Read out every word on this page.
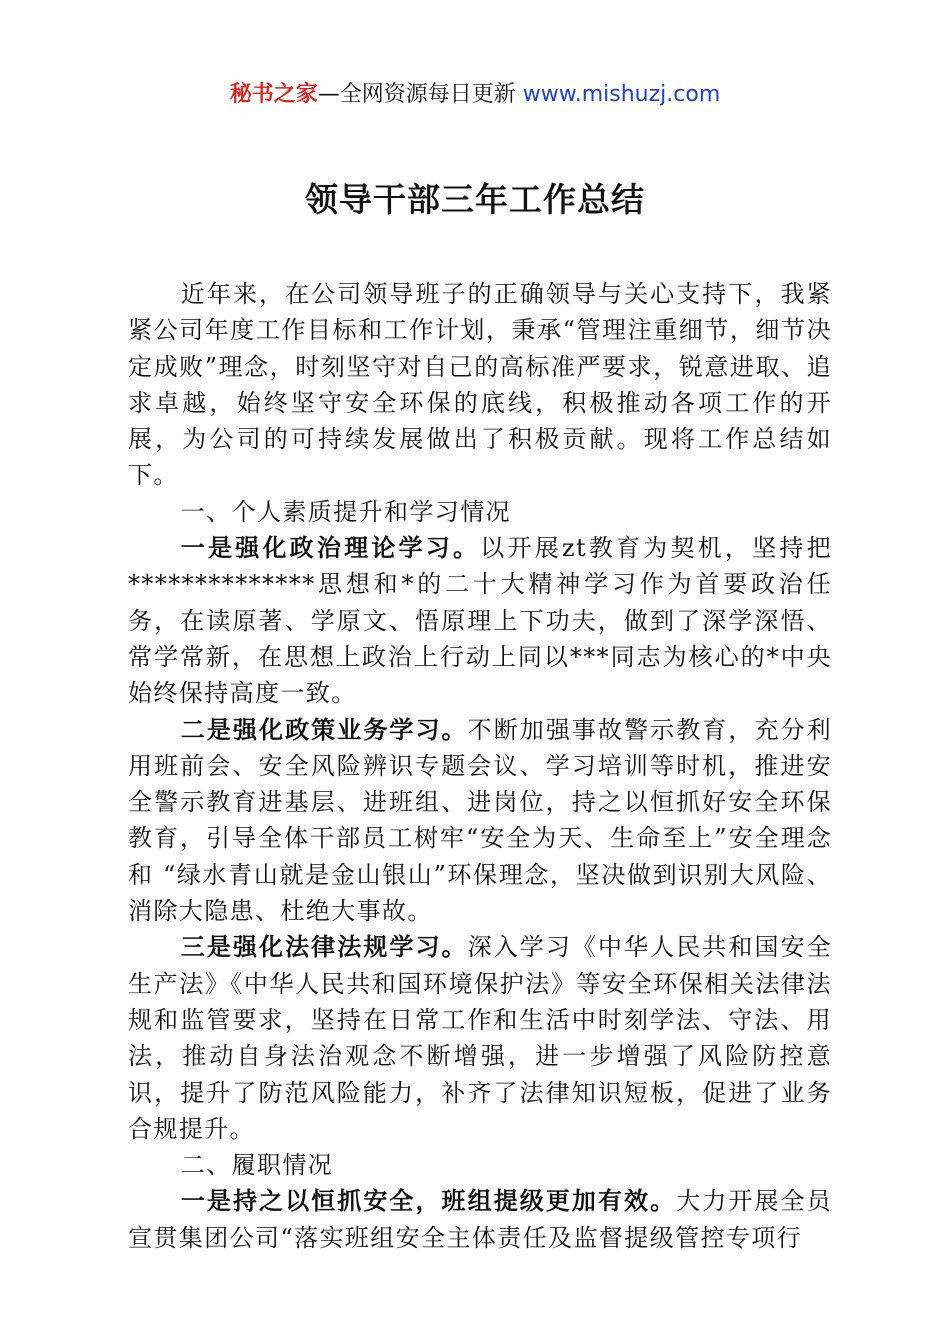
秘书之家—全网资源每日更新 www.mishuzj.com
领导干部三年工作总结

近年来，在公司领导班子的正确领导与关心支持下，我紧紧公司年度工作目标和工作计划，秉承“管理注重细节，细节决定成败”理念，时刻坚守对自己的高标准严要求，锐意进取、追求卓越，始终坚守安全环保的底线，积极推动各项工作的开展，为公司的可持续发展做出了积极贡献。现将工作总结如下。

一、个人素质提升和学习情况

一是强化政治理论学习。以开展zt教育为契机，坚持把**************思想和*的二十大精神学习作为首要政治任务，在读原著、学原文、悟原理上下功夫，做到了深学深悟、常学常新，在思想上政治上行动上同以***同志为核心的*中央始终保持高度一致。

二是强化政策业务学习。不断加强事故警示教育，充分利用班前会、安全风险辨识专题会议、学习培训等时机，推进安全警示教育进基层、进班组、进岗位，持之以恒抓好安全环保教育，引导全体干部员工树牢“安全为天、生命至上”安全理念和 “绿水青山就是金山银山”环保理念，坚决做到识别大风险、消除大隐患、杜绝大事故。

三是强化法律法规学习。深入学习《中华人民共和国安全生产法》《中华人民共和国环境保护法》等安全环保相关法律法规和监管要求，坚持在日常工作和生活中时刻学法、守法、用法，推动自身法治观念不断增强，进一步增强了风险防控意识，提升了防范风险能力，补齐了法律知识短板，促进了业务合规提升。

二、履职情况

一是持之以恒抓安全，班组提级更加有效。大力开展全员宣贯集团公司“落实班组安全主体责任及监督提级管控专项行
